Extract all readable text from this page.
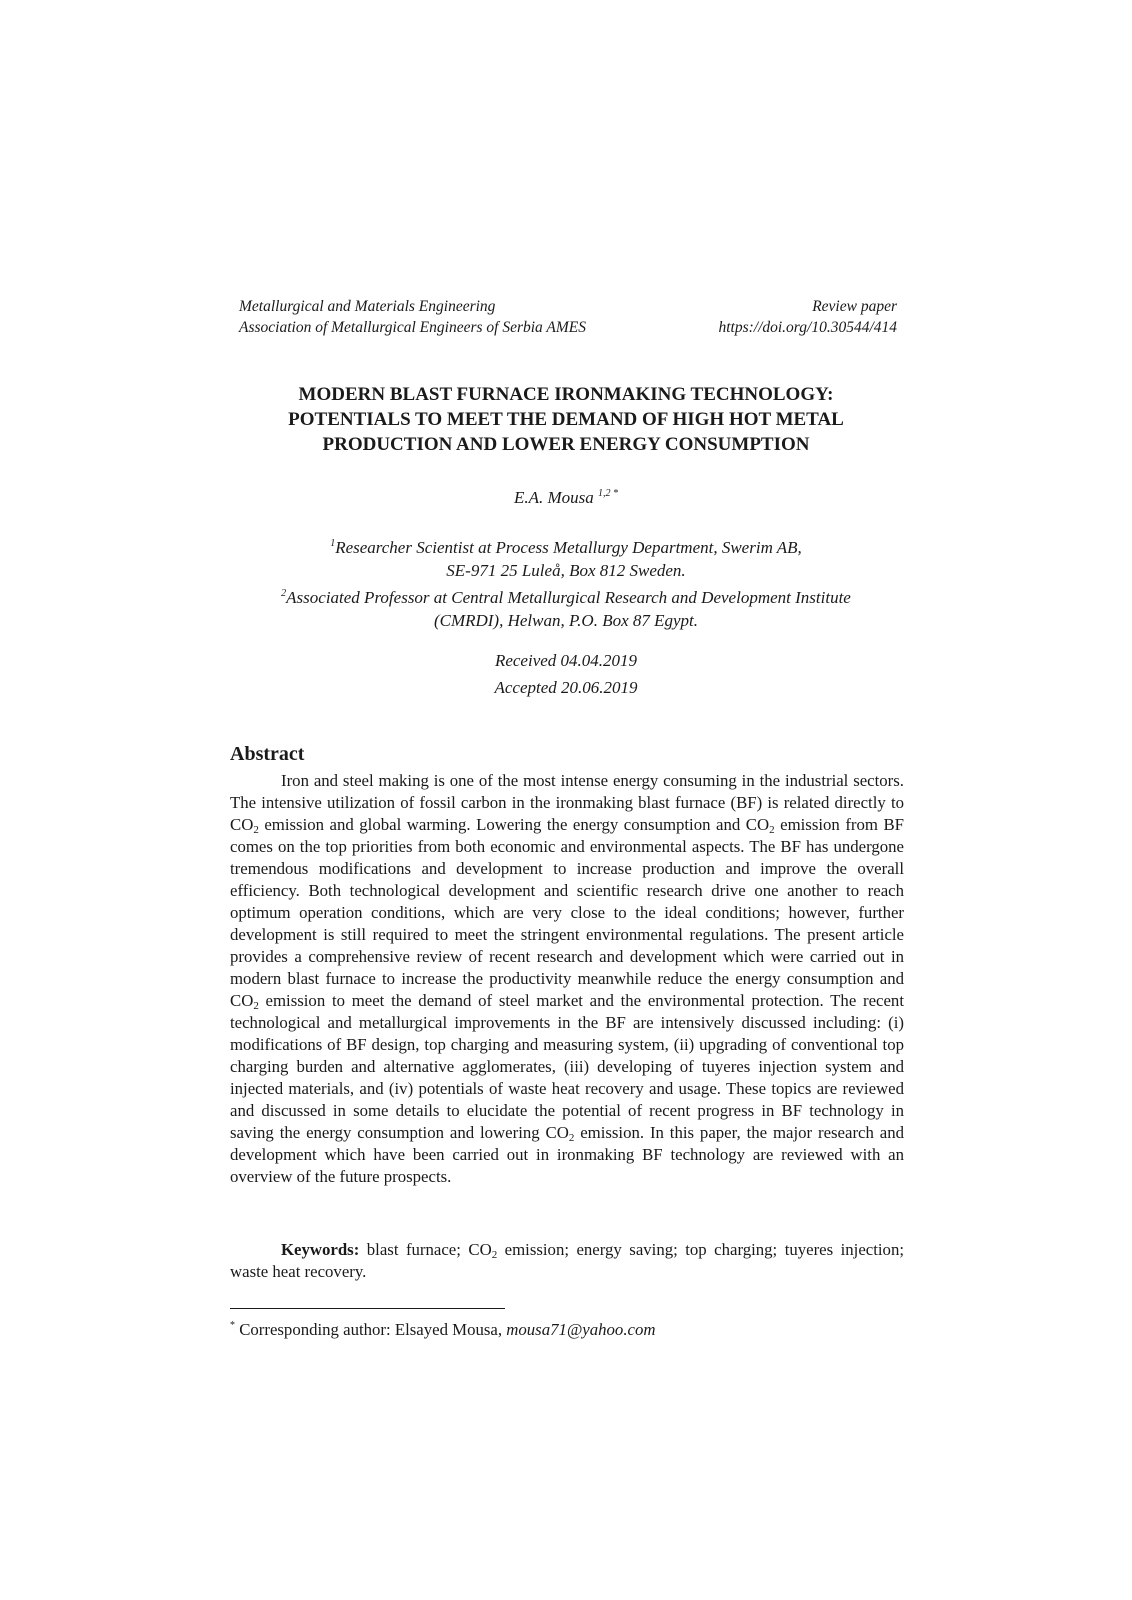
Metallurgical and Materials Engineering
Association of Metallurgical Engineers of Serbia AMES
Review paper
https://doi.org/10.30544/414
MODERN BLAST FURNACE IRONMAKING TECHNOLOGY:
POTENTIALS TO MEET THE DEMAND OF HIGH HOT METAL
PRODUCTION AND LOWER ENERGY CONSUMPTION
E.A. Mousa $^{1,2 *}$
$^1$Researcher Scientist at Process Metallurgy Department, Swerim AB,
SE-971 25 Luleå, Box 812 Sweden.
$^2$Associated Professor at Central Metallurgical Research and Development Institute
(CMRDI), Helwan, P.O. Box 87 Egypt.
Received 04.04.2019
Accepted 20.06.2019
Abstract

Iron and steel making is one of the most intense energy consuming in the industrial sectors. The intensive utilization of fossil carbon in the ironmaking blast furnace (BF) is related directly to $CO_2$ emission and global warming. Lowering the energy consumption and $CO_2$ emission from BF comes on the top priorities from both economic and environmental aspects. The BF has undergone tremendous modifications and development to increase production and improve the overall efficiency. Both technological development and scientific research drive one another to reach optimum operation conditions, which are very close to the ideal conditions; however, further development is still required to meet the stringent environmental regulations. The present article provides a comprehensive review of recent research and development which were carried out in modern blast furnace to increase the productivity meanwhile reduce the energy consumption and $CO_2$ emission to meet the demand of steel market and the environmental protection. The recent technological and metallurgical improvements in the BF are intensively discussed including: (i) modifications of BF design, top charging and measuring system, (ii) upgrading of conventional top charging burden and alternative agglomerates, (iii) developing of tuyeres injection system and injected materials, and (iv) potentials of waste heat recovery and usage. These topics are reviewed and discussed in some details to elucidate the potential of recent progress in BF technology in saving the energy consumption and lowering $CO_2$ emission. In this paper, the major research and development which have been carried out in ironmaking BF technology are reviewed with an overview of the future prospects.

Keywords: blast furnace; $CO_2$ emission; energy saving; top charging; tuyeres injection; waste heat recovery.

* Corresponding author: Elsayed Mousa, mousa71@yahoo.com
